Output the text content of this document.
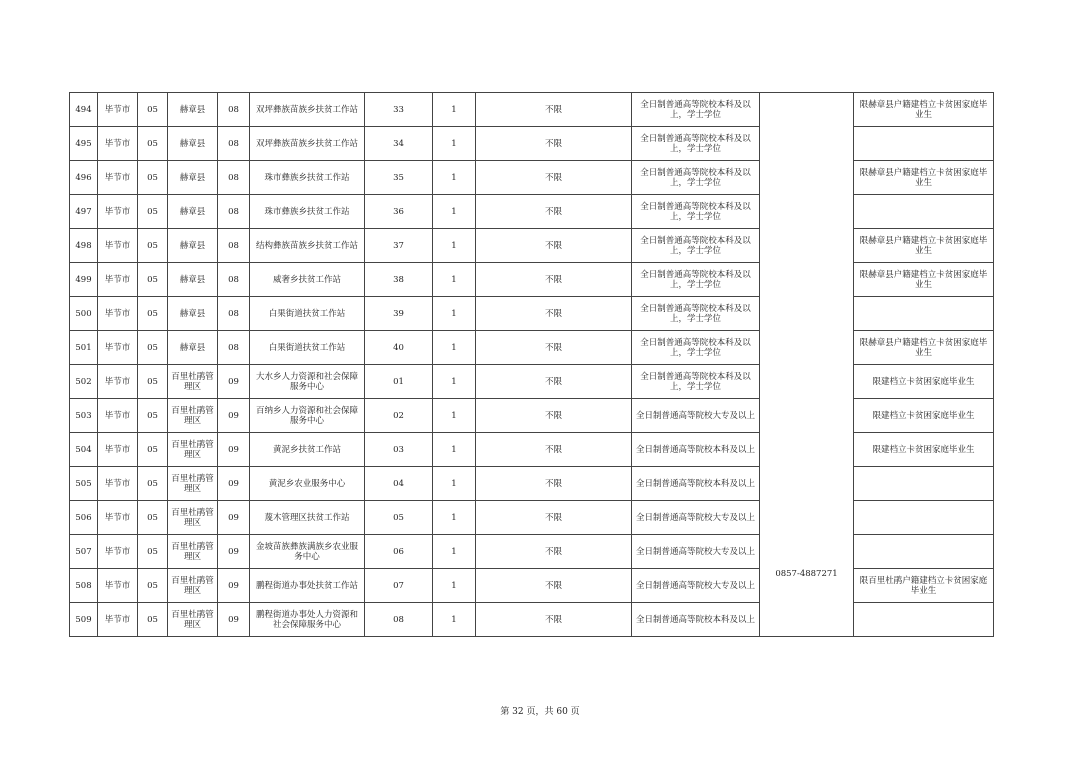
494	毕节市	05	赫章县	08	双坪彝族苗族乡扶贫工作站	33	1	不限	全日制普通高等院校本科及以上，学士学位		限赫章县户籍建档立卡贫困家庭毕业生
495	毕节市	05	赫章县	08	双坪彝族苗族乡扶贫工作站	34	1	不限	全日制普通高等院校本科及以上，学士学位		
496	毕节市	05	赫章县	08	珠市彝族乡扶贫工作站	35	1	不限	全日制普通高等院校本科及以上，学士学位		限赫章县户籍建档立卡贫困家庭毕业生
497	毕节市	05	赫章县	08	珠市彝族乡扶贫工作站	36	1	不限	全日制普通高等院校本科及以上，学士学位		
498	毕节市	05	赫章县	08	结构彝族苗族乡扶贫工作站	37	1	不限	全日制普通高等院校本科及以上，学士学位		限赫章县户籍建档立卡贫困家庭毕业生
499	毕节市	05	赫章县	08	威奢乡扶贫工作站	38	1	不限	全日制普通高等院校本科及以上，学士学位		限赫章县户籍建档立卡贫困家庭毕业生
500	毕节市	05	赫章县	08	白果街道扶贫工作站	39	1	不限	全日制普通高等院校本科及以上，学士学位		
501	毕节市	05	赫章县	08	白果街道扶贫工作站	40	1	不限	全日制普通高等院校本科及以上，学士学位		限赫章县户籍建档立卡贫困家庭毕业生
502	毕节市	05	百里杜鹃管理区	09	大水乡人力资源和社会保障服务中心	01	1	不限	全日制普通高等院校本科及以上，学士学位		限建档立卡贫困家庭毕业生
503	毕节市	05	百里杜鹃管理区	09	百纳乡人力资源和社会保障服务中心	02	1	不限	全日制普通高等院校大专及以上		限建档立卡贫困家庭毕业生
504	毕节市	05	百里杜鹃管理区	09	黄泥乡扶贫工作站	03	1	不限	全日制普通高等院校本科及以上		限建档立卡贫困家庭毕业生
505	毕节市	05	百里杜鹃管理区	09	黄泥乡农业服务中心	04	1	不限	全日制普通高等院校本科及以上		
506	毕节市	05	百里杜鹃管理区	09	蔑木管理区扶贫工作站	05	1	不限	全日制普通高等院校大专及以上		
507	毕节市	05	百里杜鹃管理区	09	金坡苗族彝族满族乡农业服务中心	06	1	不限	全日制普通高等院校大专及以上		
508	毕节市	05	百里杜鹃管理区	09	鹏程街道办事处扶贫工作站	07	1	不限	全日制普通高等院校大专及以上	0857-4887271	限百里杜鹃户籍建档立卡贫困家庭毕业生
509	毕节市	05	百里杜鹃管理区	09	鹏程街道办事处人力资源和社会保障服务中心	08	1	不限	全日制普通高等院校本科及以上		
第 32 页，共 60 页
